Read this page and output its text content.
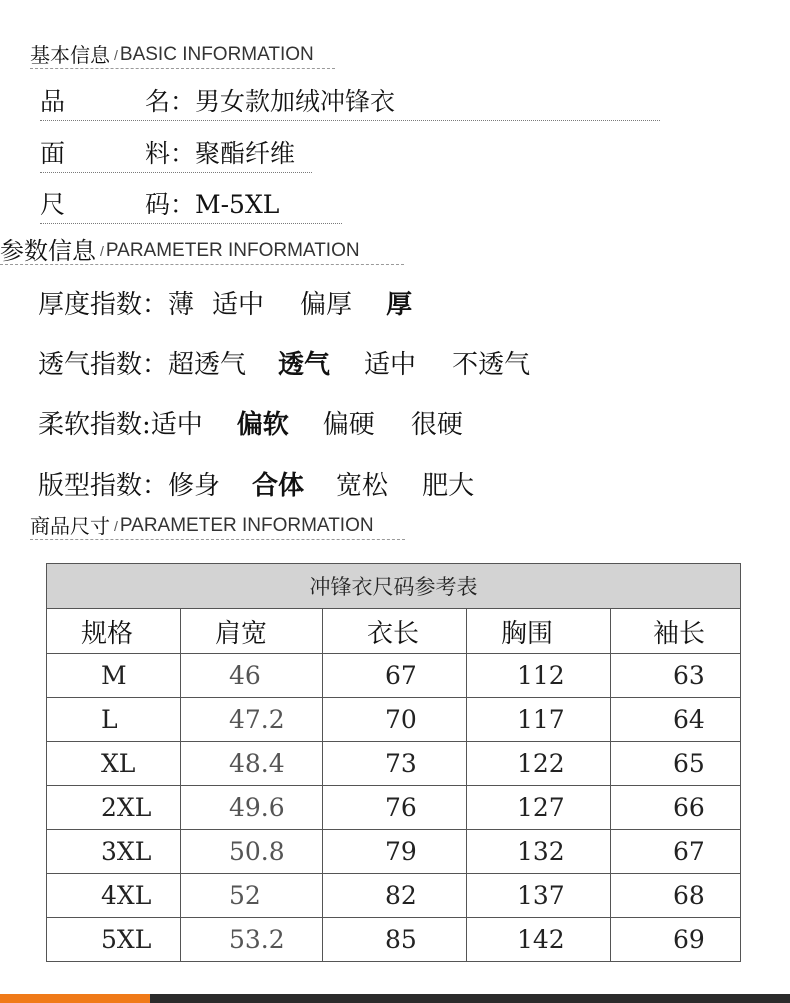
基本信息 / BASIC INFORMATION
品	名：男女款加绒冲锋衣
面	料：聚酯纤维
尺	码：M-5XL
参数信息 / PARAMETER INFORMATION
厚度指数： 薄 适中 偏厚 厚
透气指数： 超透气 透气 适中 不透气
柔软指数: 适中 偏软 偏硬 很硬
版型指数： 修身 合体 宽松 肥大
商品尺寸 / PARAMETER INFORMATION
冲锋衣尺码参考表				
规格	肩宽	衣长	胸围	袖长
M	46	67	112	63
L	47.2	70	117	64
XL	48.4	73	122	65
2XL	49.6	76	127	66
3XL	50.8	79	132	67
4XL	52	82	137	68
5XL	53.2	85	142	69
